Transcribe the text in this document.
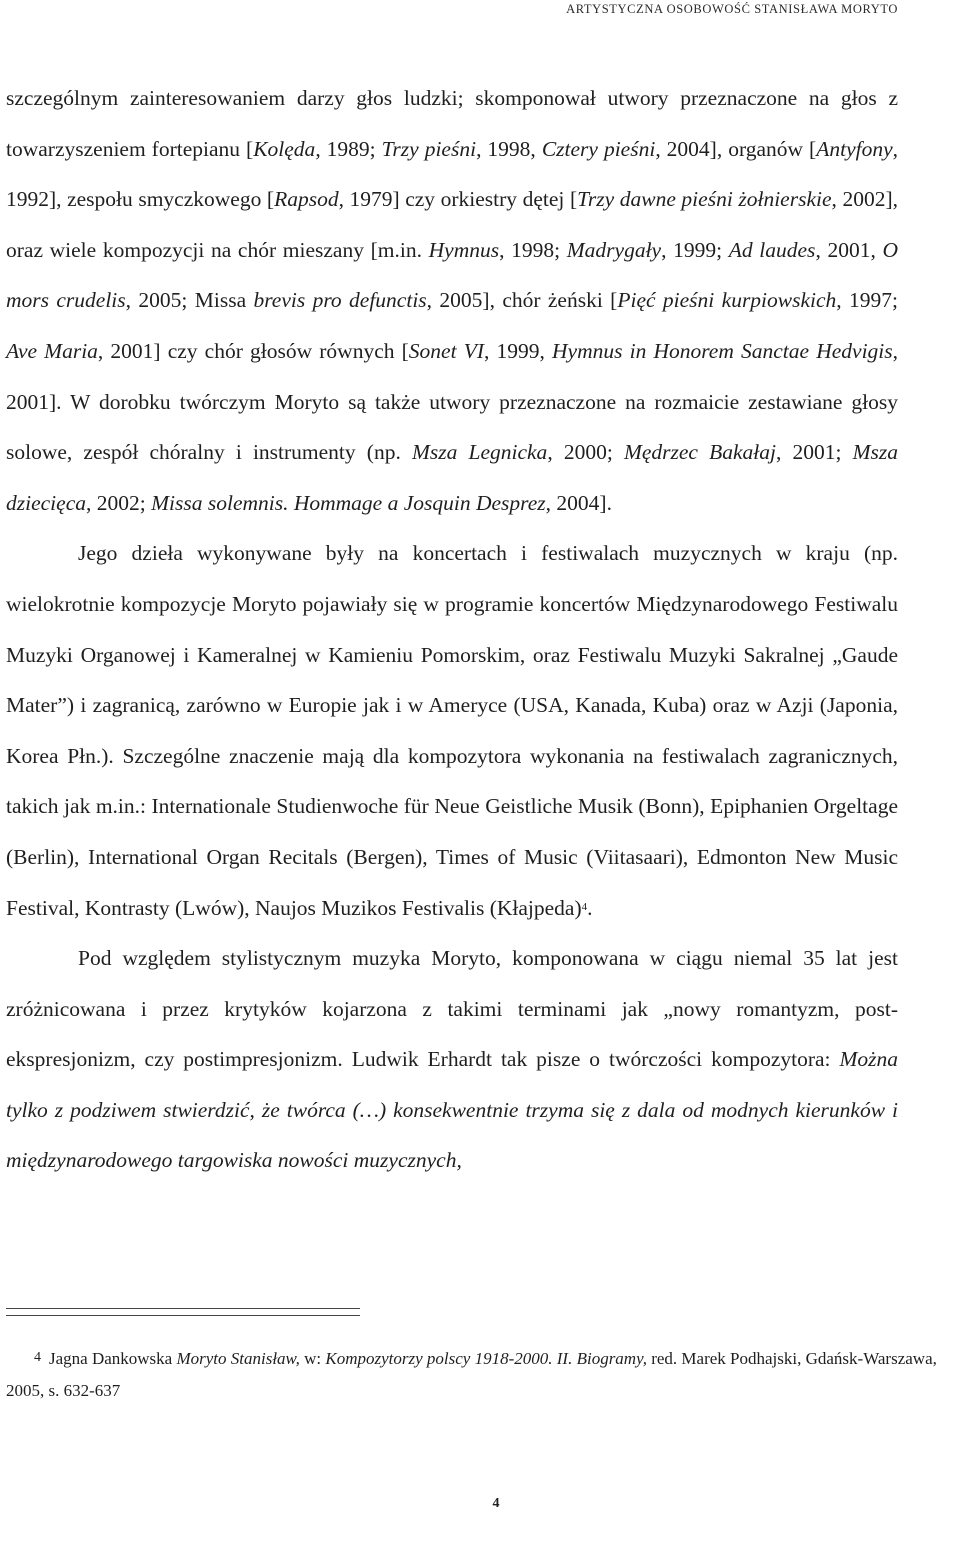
ARTYSTYCZNA OSOBOWOŚĆ STANISŁAWA MORYTO

szczególnym zainteresowaniem darzy głos ludzki; skomponował utwory przeznaczone na głos z towarzyszeniem fortepianu [Kolęda, 1989; Trzy pieśni, 1998, Cztery pieśni, 2004], organów [Antyfony, 1992], zespołu smyczkowego [Rapsod, 1979] czy orkiestry dętej [Trzy dawne pieśni żołnierskie, 2002], oraz wiele kompozycji na chór mieszany [m.in. Hymnus, 1998; Madrygały, 1999; Ad laudes, 2001, O mors crudelis, 2005; Missa brevis pro defunctis, 2005], chór żeński [Pięć pieśni kurpiowskich, 1997; Ave Maria, 2001] czy chór głosów równych [Sonet VI, 1999, Hymnus in Honorem Sanctae Hedvigis, 2001]. W dorobku twórczym Moryto są także utwory przeznaczone na rozmaicie zestawiane głosy solowe, zespół chóralny i instrumenty (np. Msza Legnicka, 2000; Mędrzec Bakałaj, 2001; Msza dziecięca, 2002; Missa solemnis. Hommage a Josquin Desprez, 2004].

Jego dzieła wykonywane były na koncertach i festiwalach muzycznych w kraju (np. wielokrotnie kompozycje Moryto pojawiały się w programie koncertów Międzynarodowego Festiwalu Muzyki Organowej i Kameralnej w Kamieniu Pomorskim, oraz Festiwalu Muzyki Sakralnej „Gaude Mater”) i zagranicą, zarówno w Europie jak i w Ameryce (USA, Kanada, Kuba) oraz w Azji (Japonia, Korea Płn.). Szczególne znaczenie mają dla kompozytora wykonania na festiwalach zagranicznych, takich jak m.in.: Internationale Studienwoche für Neue Geistliche Musik (Bonn), Epiphanien Orgeltage (Berlin), International Organ Recitals (Bergen), Times of Music (Viitasaari), Edmonton New Music Festival, Kontrasty (Lwów), Naujos Muzikos Festivalis (Kłajpeda)$^4$.

Pod względem stylistycznym muzyka Moryto, komponowana w ciągu niemal 35 lat jest zróżnicowana i przez krytyków kojarzona z takimi terminami jak „nowy romantyzm, post-ekspresjonizm, czy postimpresjonizm. Ludwik Erhardt tak pisze o twórczości kompozytora: Można tylko z podziwem stwierdzić, że twórca (…) konsekwentnie trzyma się z dala od modnych kierunków i międzynarodowego targowiska nowości muzycznych,

4 Jagna Dankowska Moryto Stanisław, w: Kompozytorzy polscy 1918-2000. II. Biogramy, red. Marek Podhajski, Gdańsk-Warszawa, 2005, s. 632-637

4
